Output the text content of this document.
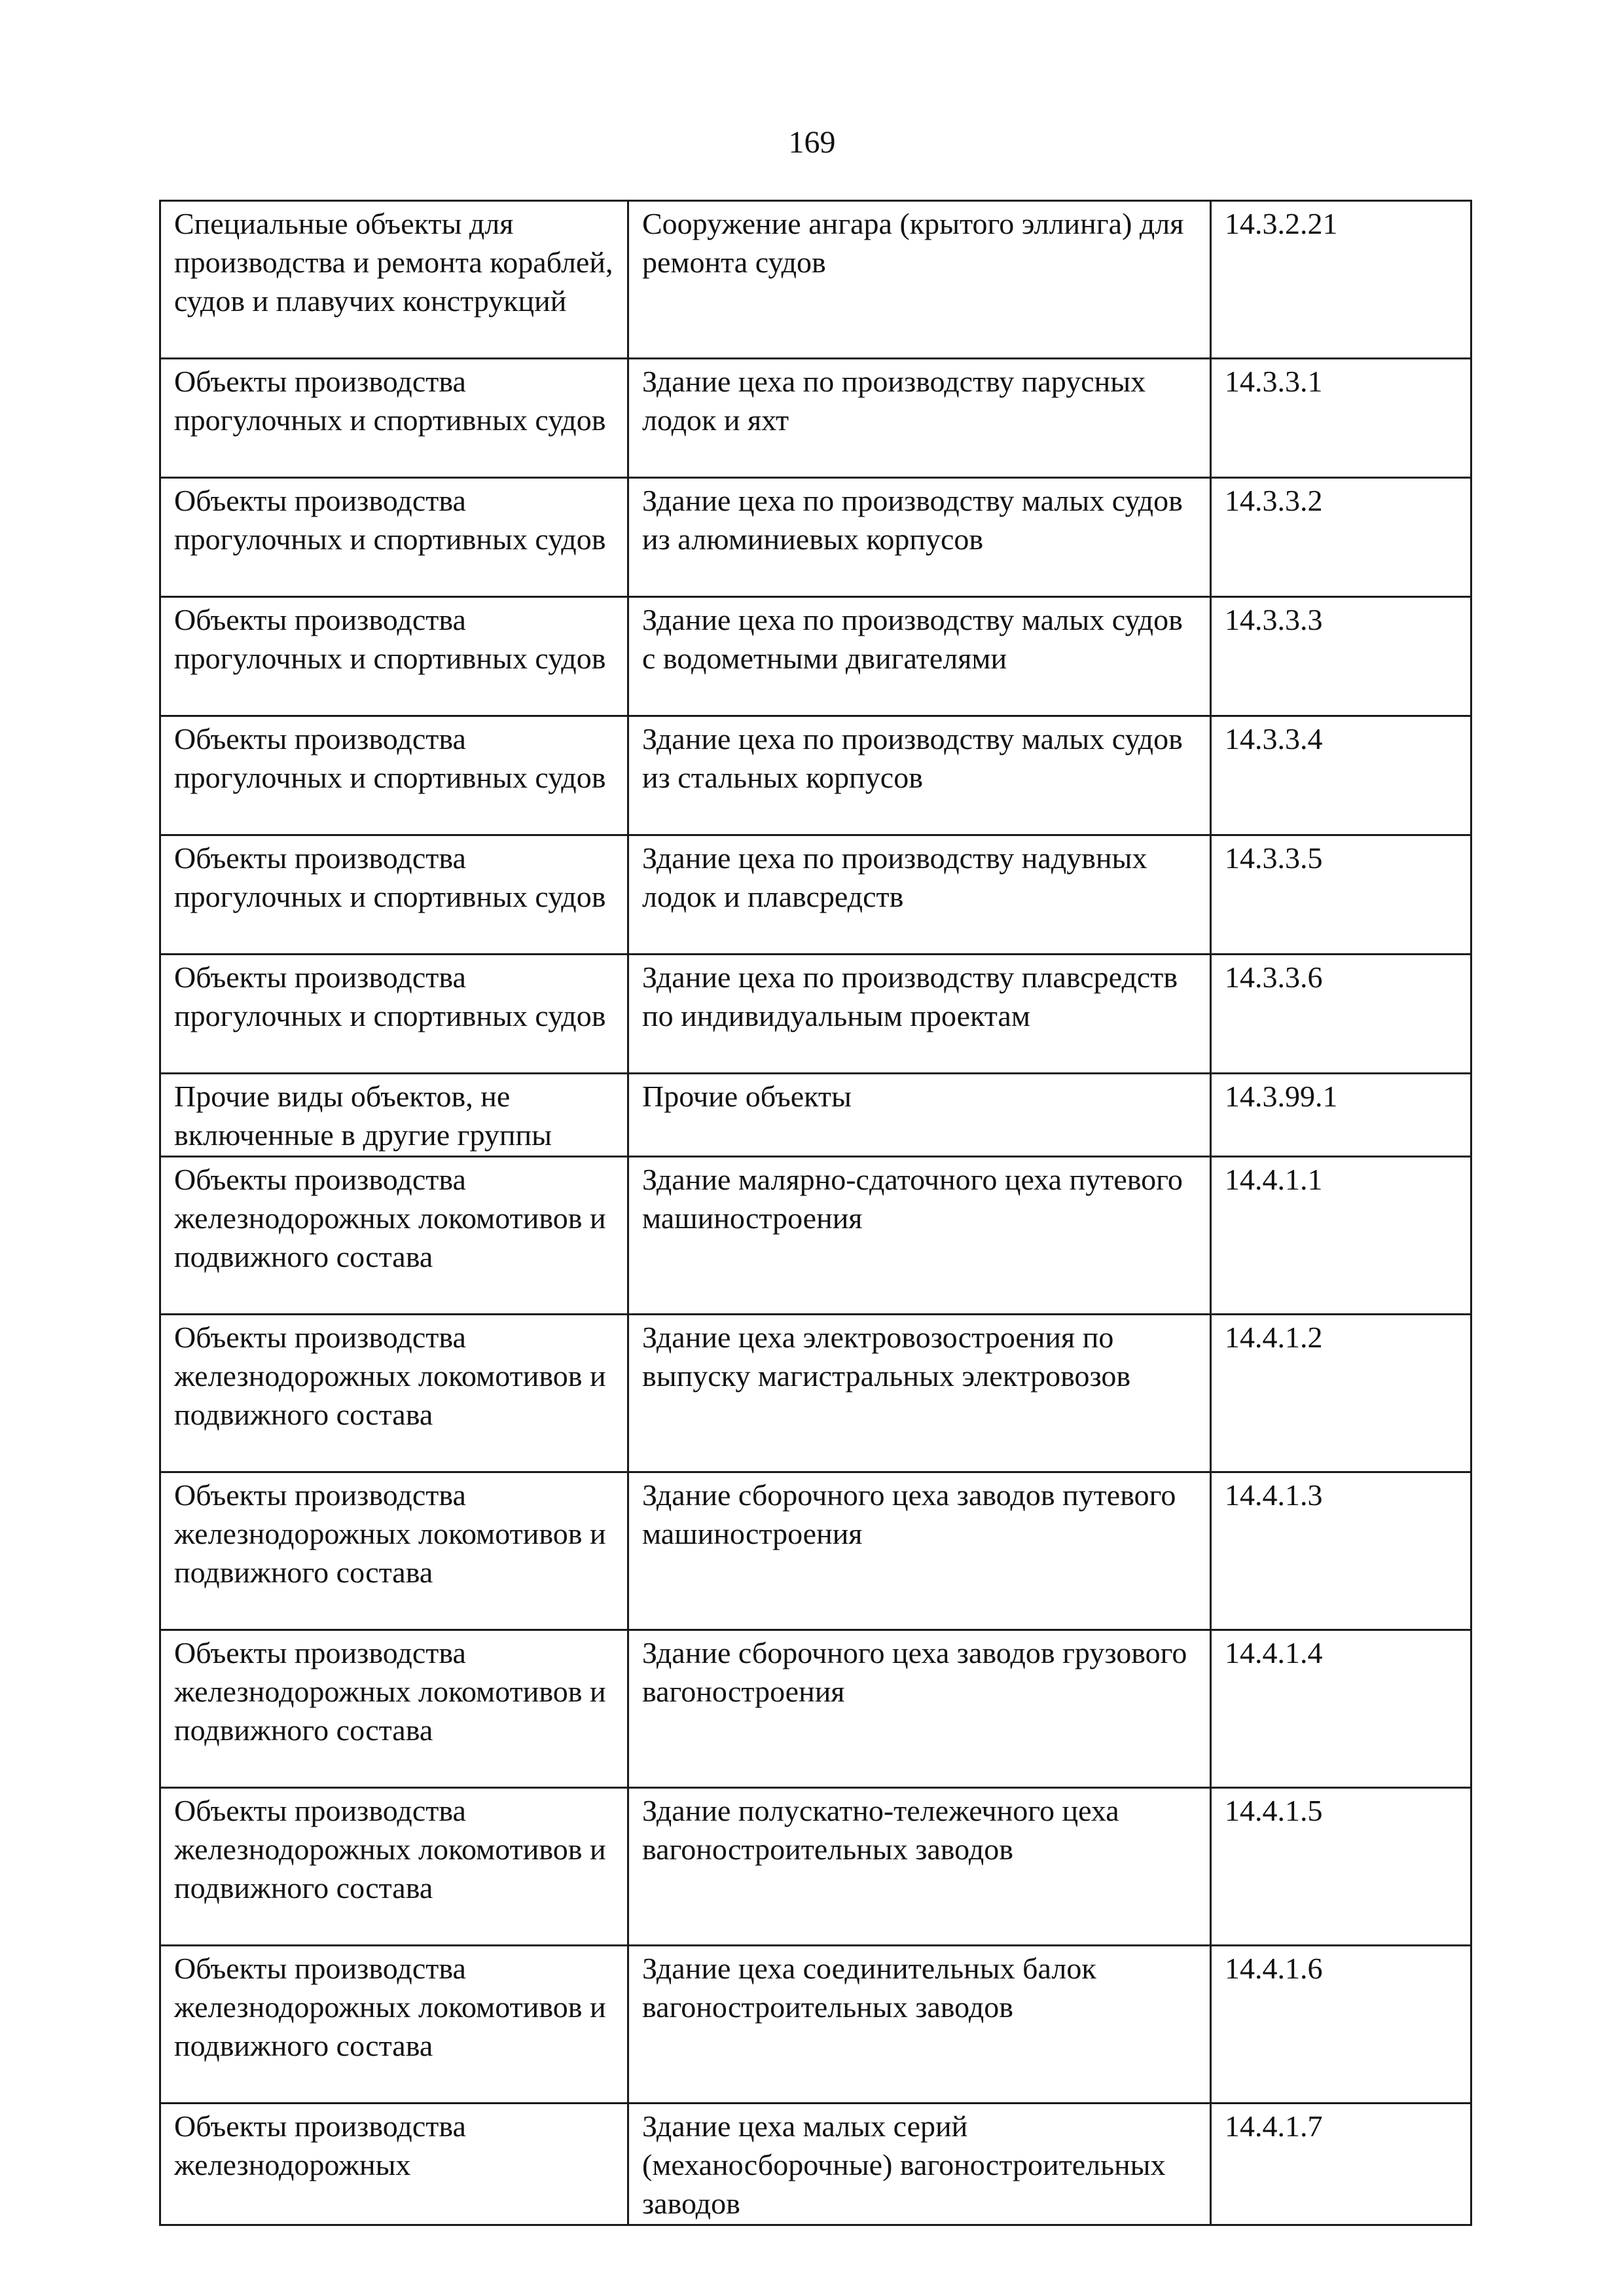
169
Специальные объекты для производства и ремонта кораблей, судов и плавучих конструкций	Сооружение ангара (крытого эллинга) для ремонта судов	14.3.2.21
Объекты производства прогулочных и спортивных судов	Здание цеха по производству парусных лодок и яхт	14.3.3.1
Объекты производства прогулочных и спортивных судов	Здание цеха по производству малых судов из алюминиевых корпусов	14.3.3.2
Объекты производства прогулочных и спортивных судов	Здание цеха по производству малых судов с водометными двигателями	14.3.3.3
Объекты производства прогулочных и спортивных судов	Здание цеха по производству малых судов из стальных корпусов	14.3.3.4
Объекты производства прогулочных и спортивных судов	Здание цеха по производству надувных лодок и плавсредств	14.3.3.5
Объекты производства прогулочных и спортивных судов	Здание цеха по производству плавсредств по индивидуальным проектам	14.3.3.6
Прочие виды объектов, не включенные в другие группы	Прочие объекты	14.3.99.1
Объекты производства железнодорожных локомотивов и подвижного состава	Здание малярно-сдаточного цеха путевого машиностроения	14.4.1.1
Объекты производства железнодорожных локомотивов и подвижного состава	Здание цеха электровозостроения по выпуску магистральных электровозов	14.4.1.2
Объекты производства железнодорожных локомотивов и подвижного состава	Здание сборочного цеха заводов путевого машиностроения	14.4.1.3
Объекты производства железнодорожных локомотивов и подвижного состава	Здание сборочного цеха заводов грузового вагоностроения	14.4.1.4
Объекты производства железнодорожных локомотивов и подвижного состава	Здание полускатно-тележечного цеха вагоностроительных заводов	14.4.1.5
Объекты производства железнодорожных локомотивов и подвижного состава	Здание цеха соединительных балок вагоностроительных заводов	14.4.1.6
Объекты производства железнодорожных	Здание цеха малых серий (механосборочные) вагоностроительных заводов	14.4.1.7
